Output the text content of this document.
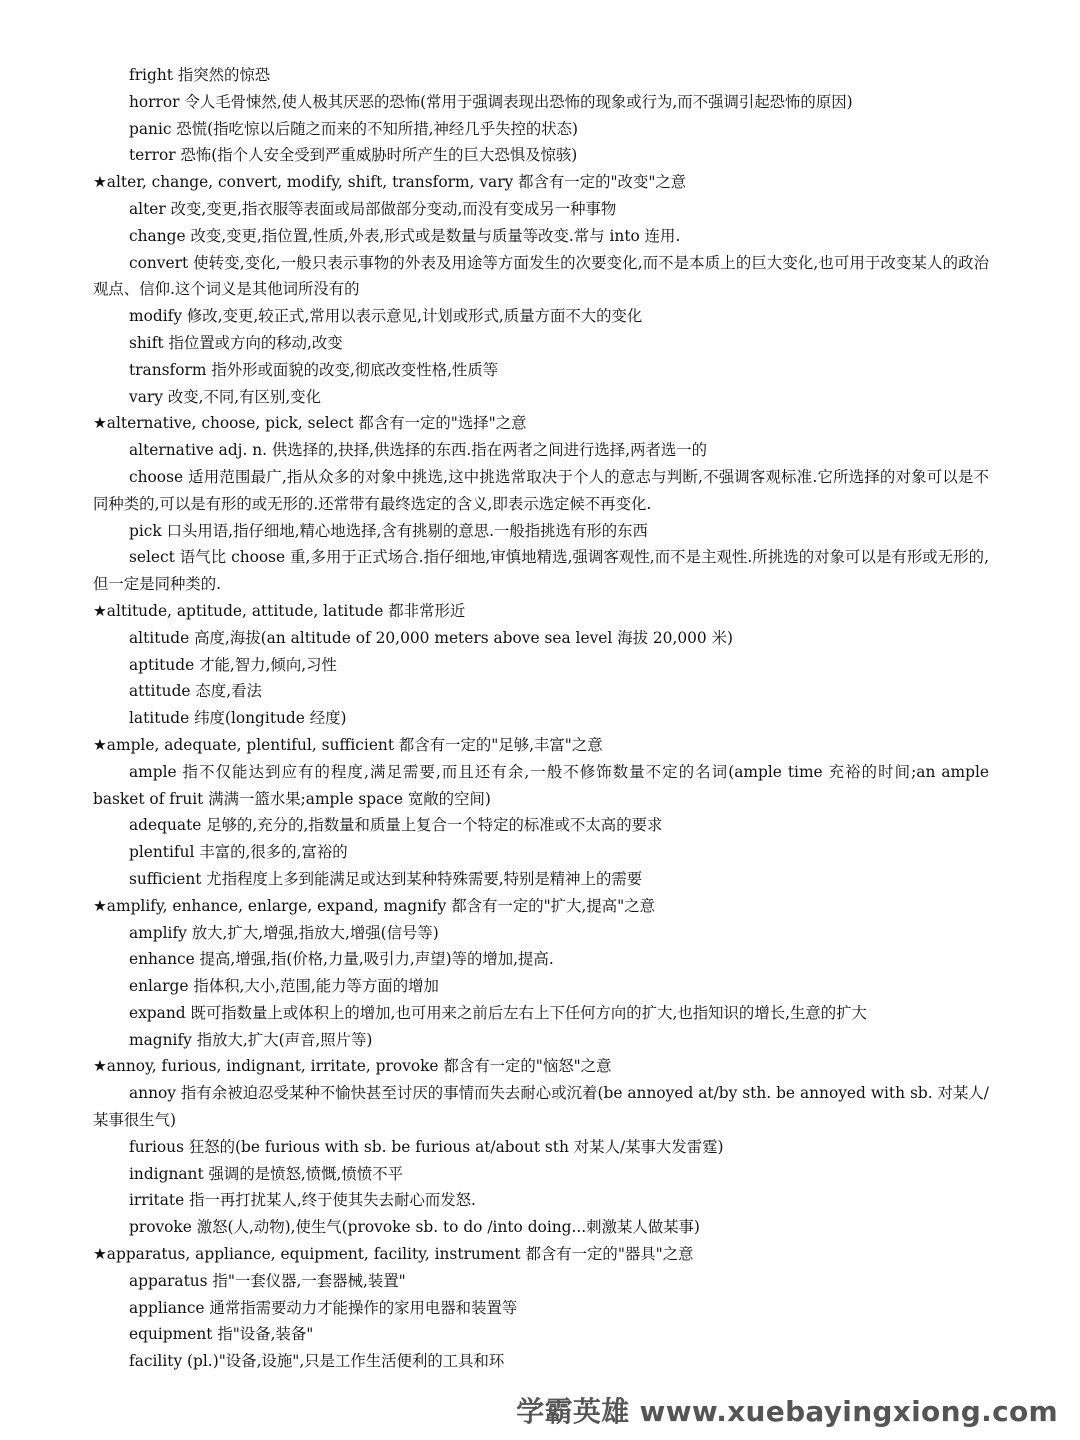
fright 指突然的惊恐
horror 令人毛骨悚然,使人极其厌恶的恐怖(常用于强调表现出恐怖的现象或行为,而不强调引起恐怖的原因)
panic 恐慌(指吃惊以后随之而来的不知所措,神经几乎失控的状态)
terror 恐怖(指个人安全受到严重威胁时所产生的巨大恐惧及惊骇)
★alter, change, convert, modify, shift, transform, vary 都含有一定的"改变"之意
alter 改变,变更,指衣服等表面或局部做部分变动,而没有变成另一种事物
change 改变,变更,指位置,性质,外表,形式或是数量与质量等改变.常与 into 连用.
convert 使转变,变化,一般只表示事物的外表及用途等方面发生的次要变化,而不是本质上的巨大变化,也可用于改变某人的政治观点、信仰.这个词义是其他词所没有的
modify 修改,变更,较正式,常用以表示意见,计划或形式,质量方面不大的变化
shift 指位置或方向的移动,改变
transform 指外形或面貌的改变,彻底改变性格,性质等
vary 改变,不同,有区别,变化
★alternative, choose, pick, select 都含有一定的"选择"之意
alternative adj. n. 供选择的,抉择,供选择的东西.指在两者之间进行选择,两者选一的
choose 适用范围最广,指从众多的对象中挑选,这中挑选常取决于个人的意志与判断,不强调客观标准.它所选择的对象可以是不同种类的,可以是有形的或无形的.还常带有最终选定的含义,即表示选定候不再变化.
pick 口头用语,指仔细地,精心地选择,含有挑剔的意思.一般指挑选有形的东西
select 语气比 choose 重,多用于正式场合.指仔细地,审慎地精选,强调客观性,而不是主观性.所挑选的对象可以是有形或无形的,但一定是同种类的.
★altitude, aptitude, attitude, latitude 都非常形近
altitude 高度,海拔(an altitude of 20,000 meters above sea level 海拔 20,000 米)
aptitude 才能,智力,倾向,习性
attitude 态度,看法
latitude 纬度(longitude 经度)
★ample, adequate, plentiful, sufficient 都含有一定的"足够,丰富"之意
ample 指不仅能达到应有的程度,满足需要,而且还有余,一般不修饰数量不定的名词(ample time 充裕的时间;an ample basket of fruit 满满一篮水果;ample space 宽敞的空间)
adequate 足够的,充分的,指数量和质量上复合一个特定的标准或不太高的要求
plentiful 丰富的,很多的,富裕的
sufficient 尤指程度上多到能满足或达到某种特殊需要,特别是精神上的需要
★amplify, enhance, enlarge, expand, magnify 都含有一定的"扩大,提高"之意
amplify 放大,扩大,增强,指放大,增强(信号等)
enhance 提高,增强,指(价格,力量,吸引力,声望)等的增加,提高.
enlarge 指体积,大小,范围,能力等方面的增加
expand 既可指数量上或体积上的增加,也可用来之前后左右上下任何方向的扩大,也指知识的增长,生意的扩大
magnify 指放大,扩大(声音,照片等)
★annoy, furious, indignant, irritate, provoke 都含有一定的"恼怒"之意
annoy 指有余被迫忍受某种不愉快甚至讨厌的事情而失去耐心或沉着(be annoyed at/by sth. be annoyed with sb. 对某人/某事很生气)
furious 狂怒的(be furious with sb. be furious at/about sth 对某人/某事大发雷霆)
indignant 强调的是愤怒,愤慨,愤愤不平
irritate 指一再打扰某人,终于使其失去耐心而发怒.
provoke 激怒(人,动物),使生气(provoke sb. to do /into doing...刺激某人做某事)
★apparatus, appliance, equipment, facility, instrument 都含有一定的"器具"之意
apparatus 指"一套仪器,一套器械,装置"
appliance 通常指需要动力才能操作的家用电器和装置等
equipment 指"设备,装备"
facility (pl.)"设备,设施",只是工作生活便利的工具和环
学霸英雄 www.xuebayingxiong.com
